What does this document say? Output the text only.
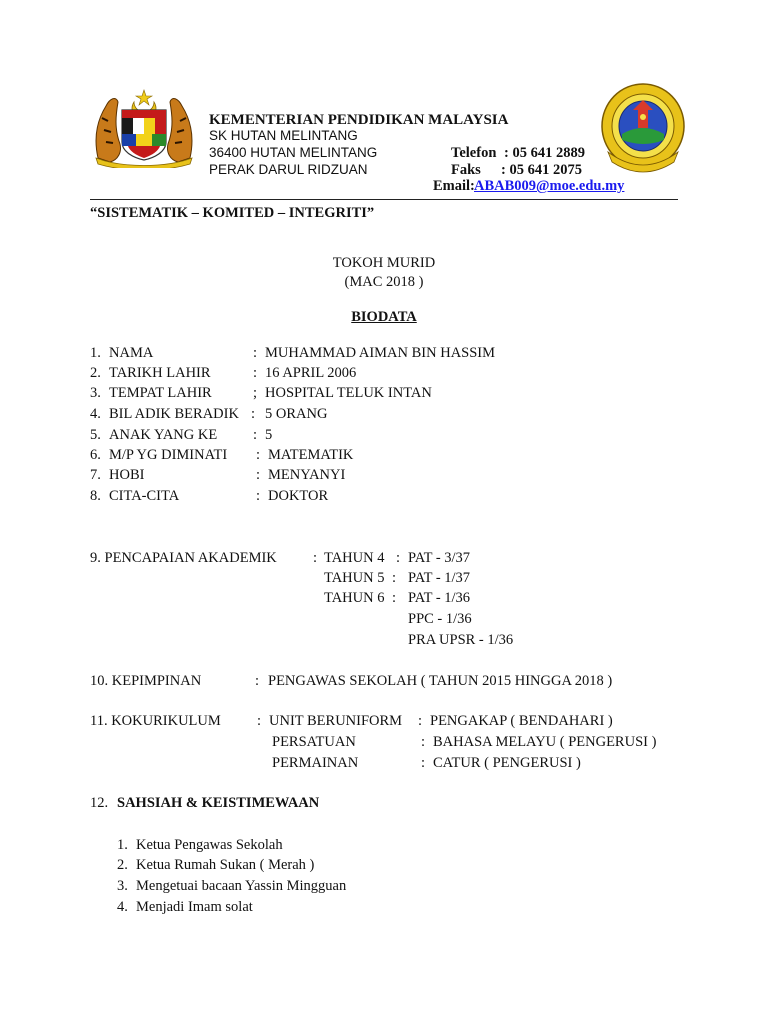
KEMENTERIAN PENDIDIKAN MALAYSIA
SK HUTAN MELINTANG
36400 HUTAN MELINTANG
PERAK DARUL RIDZUAN
Telefon : 05 641 2889
Faks : 05 641 2075
Email: ABAB009@moe.edu.my
“SISTEMATIK – KOMITED – INTEGRITI”
TOKOH MURID
(MAC 2018 )
BIODATA
1. NAMA	: MUHAMMAD AIMAN BIN HASSIM
2. TARIKH LAHIR	: 16 APRIL 2006
3. TEMPAT LAHIR	; HOSPITAL TELUK INTAN
4. BIL ADIK BERADIK : 5 ORANG
5. ANAK YANG KE : 5
6. M/P YG DIMINATI : MATEMATIK
7. HOBI	: MENYANYI
8. CITA-CITA	: DOKTOR
9. PENCAPAIAN AKADEMIK : TAHUN 4 : PAT - 3/37
TAHUN 5 : PAT - 1/37
TAHUN 6 : PAT - 1/36
PPC - 1/36
PRA UPSR - 1/36
10. KEPIMPINAN	: PENGAWAS SEKOLAH ( TAHUN 2015 HINGGA 2018 )
11. KOKURIKULUM : UNIT BERUNIFORM : PENGAKAP ( BENDAHARI )
PERSATUAN	: BAHASA MELAYU ( PENGERUSI )
PERMAINAN	: CATUR ( PENGERUSI )
12. SAHSIAH & KEISTIMEWAAN
1. Ketua Pengawas Sekolah
2. Ketua Rumah Sukan ( Merah )
3. Mengetuai bacaan Yassin Mingguan
4. Menjadi Imam solat
